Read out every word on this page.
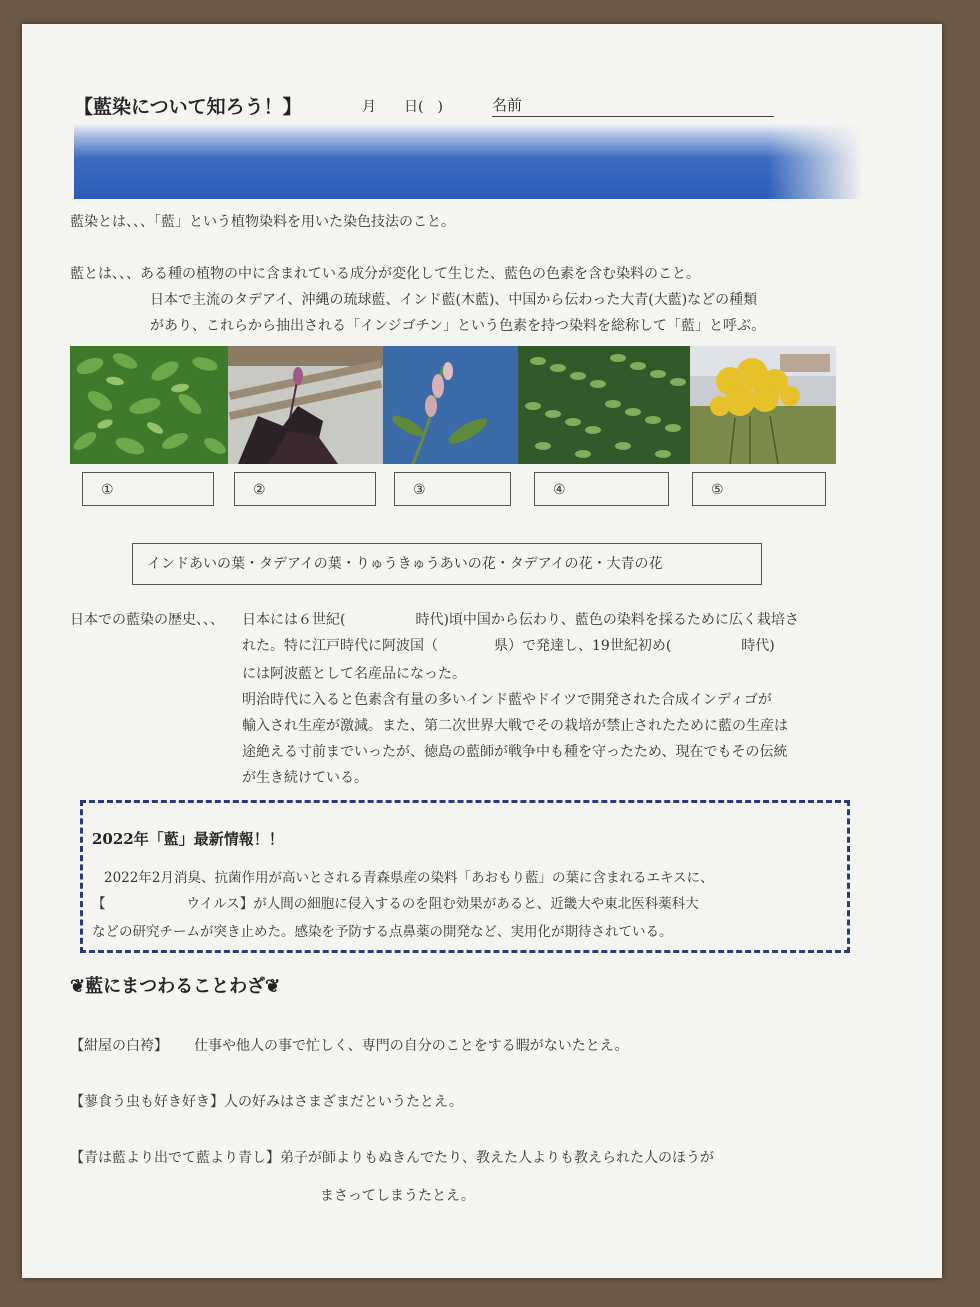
【藍染について知ろう！】	月　　日(　)	名前
藍染とは、、、「藍」という植物染料を用いた染色技法のこと。
藍とは、、、ある種の植物の中に含まれている成分が変化して生じた、藍色の色素を含む染料のこと。
日本で主流のタデアイ、沖縄の琉球藍、インド藍(木藍)、中国から伝わった大青(大藍)などの種類
があり、これらから抽出される「インジゴチン」という色素を持つ染料を総称して「藍」と呼ぶ。
①	②	③	④	⑤
インドあいの葉・タデアイの葉・りゅうきゅうあいの花・タデアイの花・大青の花
日本での藍染の歴史、、、 日本には６世紀(　　　　　時代)頃中国から伝わり、藍色の染料を採るために広く栽培さ
れた。特に江戸時代に阿波国（　　　　県）で発達し、19世紀初め(　　　　　時代)
には阿波藍として名産品になった。
明治時代に入ると色素含有量の多いインド藍やドイツで開発された合成インディゴが
輸入され生産が激減。また、第二次世界大戦でその栽培が禁止されたために藍の生産は
途絶える寸前までいったが、徳島の藍師が戦争中も種を守ったため、現在でもその伝統
が生き続けている。
2022年「藍」最新情報！！
2022年2月消臭、抗菌作用が高いとされる青森県産の染料「あおもり藍」の葉に含まれるエキスに、
【　　　　　　ウイルス】が人間の細胞に侵入するのを阻む効果があると、近畿大や東北医科薬科大
などの研究チームが突き止めた。感染を予防する点鼻薬の開発など、実用化が期待されている。
❦藍にまつわることわざ❦
【紺屋の白袴】 仕事や他人の事で忙しく、専門の自分のことをする暇がないたとえ。
【蓼食う虫も好き好き】人の好みはさまざまだというたとえ。
【青は藍より出でて藍より青し】弟子が師よりもぬきんでたり、教えた人よりも教えられた人のほうが
まさってしまうたとえ。
